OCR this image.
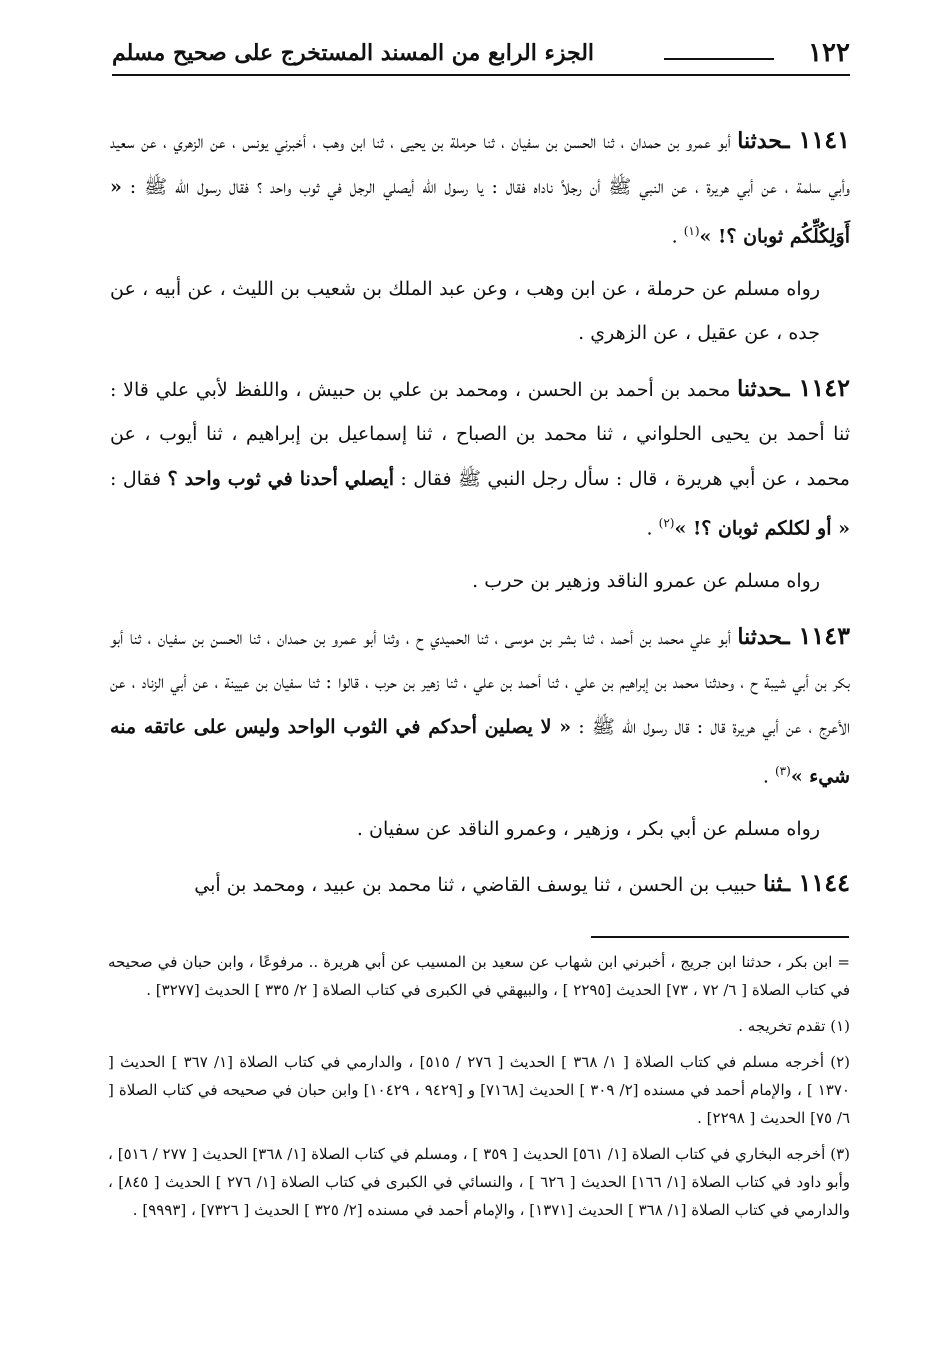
١٢٢
الجزء الرابع من المسند المستخرج على صحيح مسلم

١١٤١ ـحدثنا أبو عمرو بن حمدان ، ثنا الحسن بن سفيان ، ثنا حرملة بن يحيى ، ثنا ابن وهب ، أخبرني يونس ، عن الزهري ، عن سعيد وأبي سلمة ، عن أبي هريرة ، عن النبي ﷺ أن رجلاً ناداه فقال : يا رسول الله أيصلي الرجل في ثوب واحد ؟ فقال رسول الله ﷺ : « أَوَلِكُلِّكُم ثوبان ؟! »$^{(١)}$ .

رواه مسلم عن حرملة ، عن ابن وهب ، وعن عبد الملك بن شعيب بن الليث ، عن أبيه ، عن جده ، عن عقيل ، عن الزهري .

١١٤٢ ـحدثنا محمد بن أحمد بن الحسن ، ومحمد بن علي بن حبيش ، واللفظ لأبي علي قالا : ثنا أحمد بن يحيى الحلواني ، ثنا محمد بن الصباح ، ثنا إسماعيل بن إبراهيم ، ثنا أيوب ، عن محمد ، عن أبي هريرة ، قال : سأل رجل النبي ﷺ فقال : أيصلي أحدنا في ثوب واحد ؟ فقال : « أو لكلكم ثوبان ؟! »$^{(٢)}$ .

رواه مسلم عن عمرو الناقد وزهير بن حرب .

١١٤٣ ـحدثنا أبو علي محمد بن أحمد ، ثنا بشر بن موسى ، ثنا الحميدي ح ، وثنا أبو عمرو بن حمدان ، ثنا الحسن بن سفيان ، ثنا أبو بكر بن أبي شيبة ح ، وحدثنا محمد بن إبراهيم بن علي ، ثنا أحمد بن علي ، ثنا زهير بن حرب ، قالوا : ثنا سفيان بن عيينة ، عن أبي الزناد ، عن الأعرج ، عن أبي هريرة قال : قال رسول الله ﷺ : « لا يصلين أحدكم في الثوب الواحد وليس على عاتقه منه شيء »$^{(٣)}$ .

رواه مسلم عن أبي بكر ، وزهير ، وعمرو الناقد عن سفيان .

١١٤٤ ـثنا حبيب بن الحسن ، ثنا يوسف القاضي ، ثنا محمد بن عبيد ، ومحمد بن أبي

= ابن بكر ، حدثنا ابن جريج ، أخبرني ابن شهاب عن سعيد بن المسيب عن أبي هريرة .. مرفوعًا ، وابن حبان في صحيحه في كتاب الصلاة [ ٦/ ٧٢ ، ٧٣] الحديث [٢٢٩٥ ] ، والبيهقي في الكبرى في كتاب الصلاة [ ٢/ ٣٣٥ ] الحديث [٣٢٧٧] .

(١) تقدم تخريجه .

(٢) أخرجه مسلم في كتاب الصلاة [ ١/ ٣٦٨ ] الحديث [ ٢٧٦ / ٥١٥] ، والدارمي في كتاب الصلاة [١/ ٣٦٧ ] الحديث [ ١٣٧٠ ] ، والإمام أحمد في مسنده [٢/ ٣٠٩ ] الحديث [٧١٦٨] و [٩٤٢٩ ، ١٠٤٢٩] وابن حبان في صحيحه في كتاب الصلاة [ ٦/ ٧٥] الحديث [ ٢٢٩٨] .

(٣) أخرجه البخاري في كتاب الصلاة [١/ ٥٦١] الحديث [ ٣٥٩ ] ، ومسلم في كتاب الصلاة [١/ ٣٦٨] الحديث [ ٢٧٧ / ٥١٦] ، وأبو داود في كتاب الصلاة [١/ ١٦٦] الحديث [ ٦٢٦ ] ، والنسائي في الكبرى في كتاب الصلاة [١/ ٢٧٦ ] الحديث [ ٨٤٥] ، والدارمي في كتاب الصلاة [١/ ٣٦٨ ] الحديث [١٣٧١] ، والإمام أحمد في مسنده [٢/ ٣٢٥ ] الحديث [ ٧٣٢٦] ، [٩٩٩٣] .
